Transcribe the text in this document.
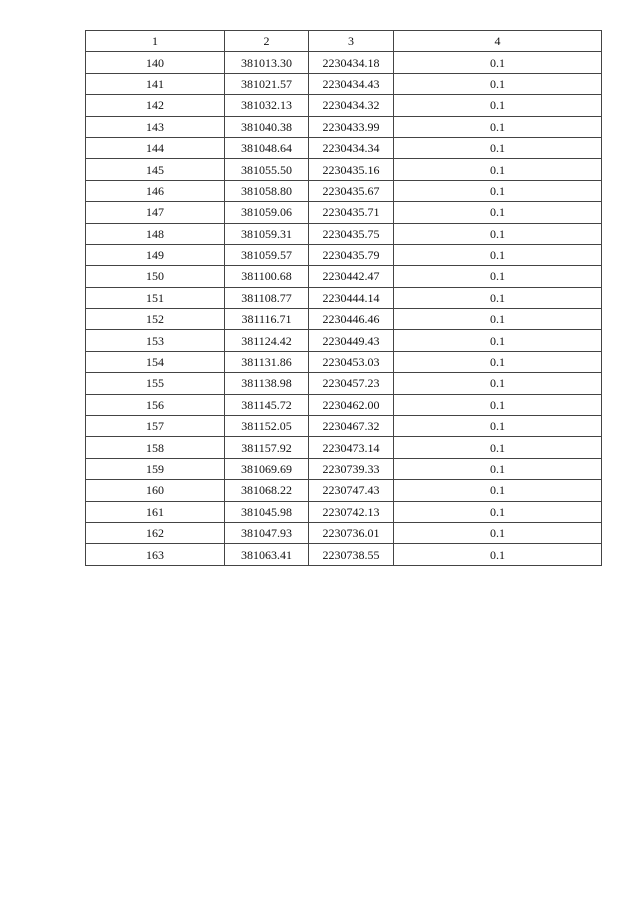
1	2	3	4
140	381013.30	2230434.18	0.1
141	381021.57	2230434.43	0.1
142	381032.13	2230434.32	0.1
143	381040.38	2230433.99	0.1
144	381048.64	2230434.34	0.1
145	381055.50	2230435.16	0.1
146	381058.80	2230435.67	0.1
147	381059.06	2230435.71	0.1
148	381059.31	2230435.75	0.1
149	381059.57	2230435.79	0.1
150	381100.68	2230442.47	0.1
151	381108.77	2230444.14	0.1
152	381116.71	2230446.46	0.1
153	381124.42	2230449.43	0.1
154	381131.86	2230453.03	0.1
155	381138.98	2230457.23	0.1
156	381145.72	2230462.00	0.1
157	381152.05	2230467.32	0.1
158	381157.92	2230473.14	0.1
159	381069.69	2230739.33	0.1
160	381068.22	2230747.43	0.1
161	381045.98	2230742.13	0.1
162	381047.93	2230736.01	0.1
163	381063.41	2230738.55	0.1
